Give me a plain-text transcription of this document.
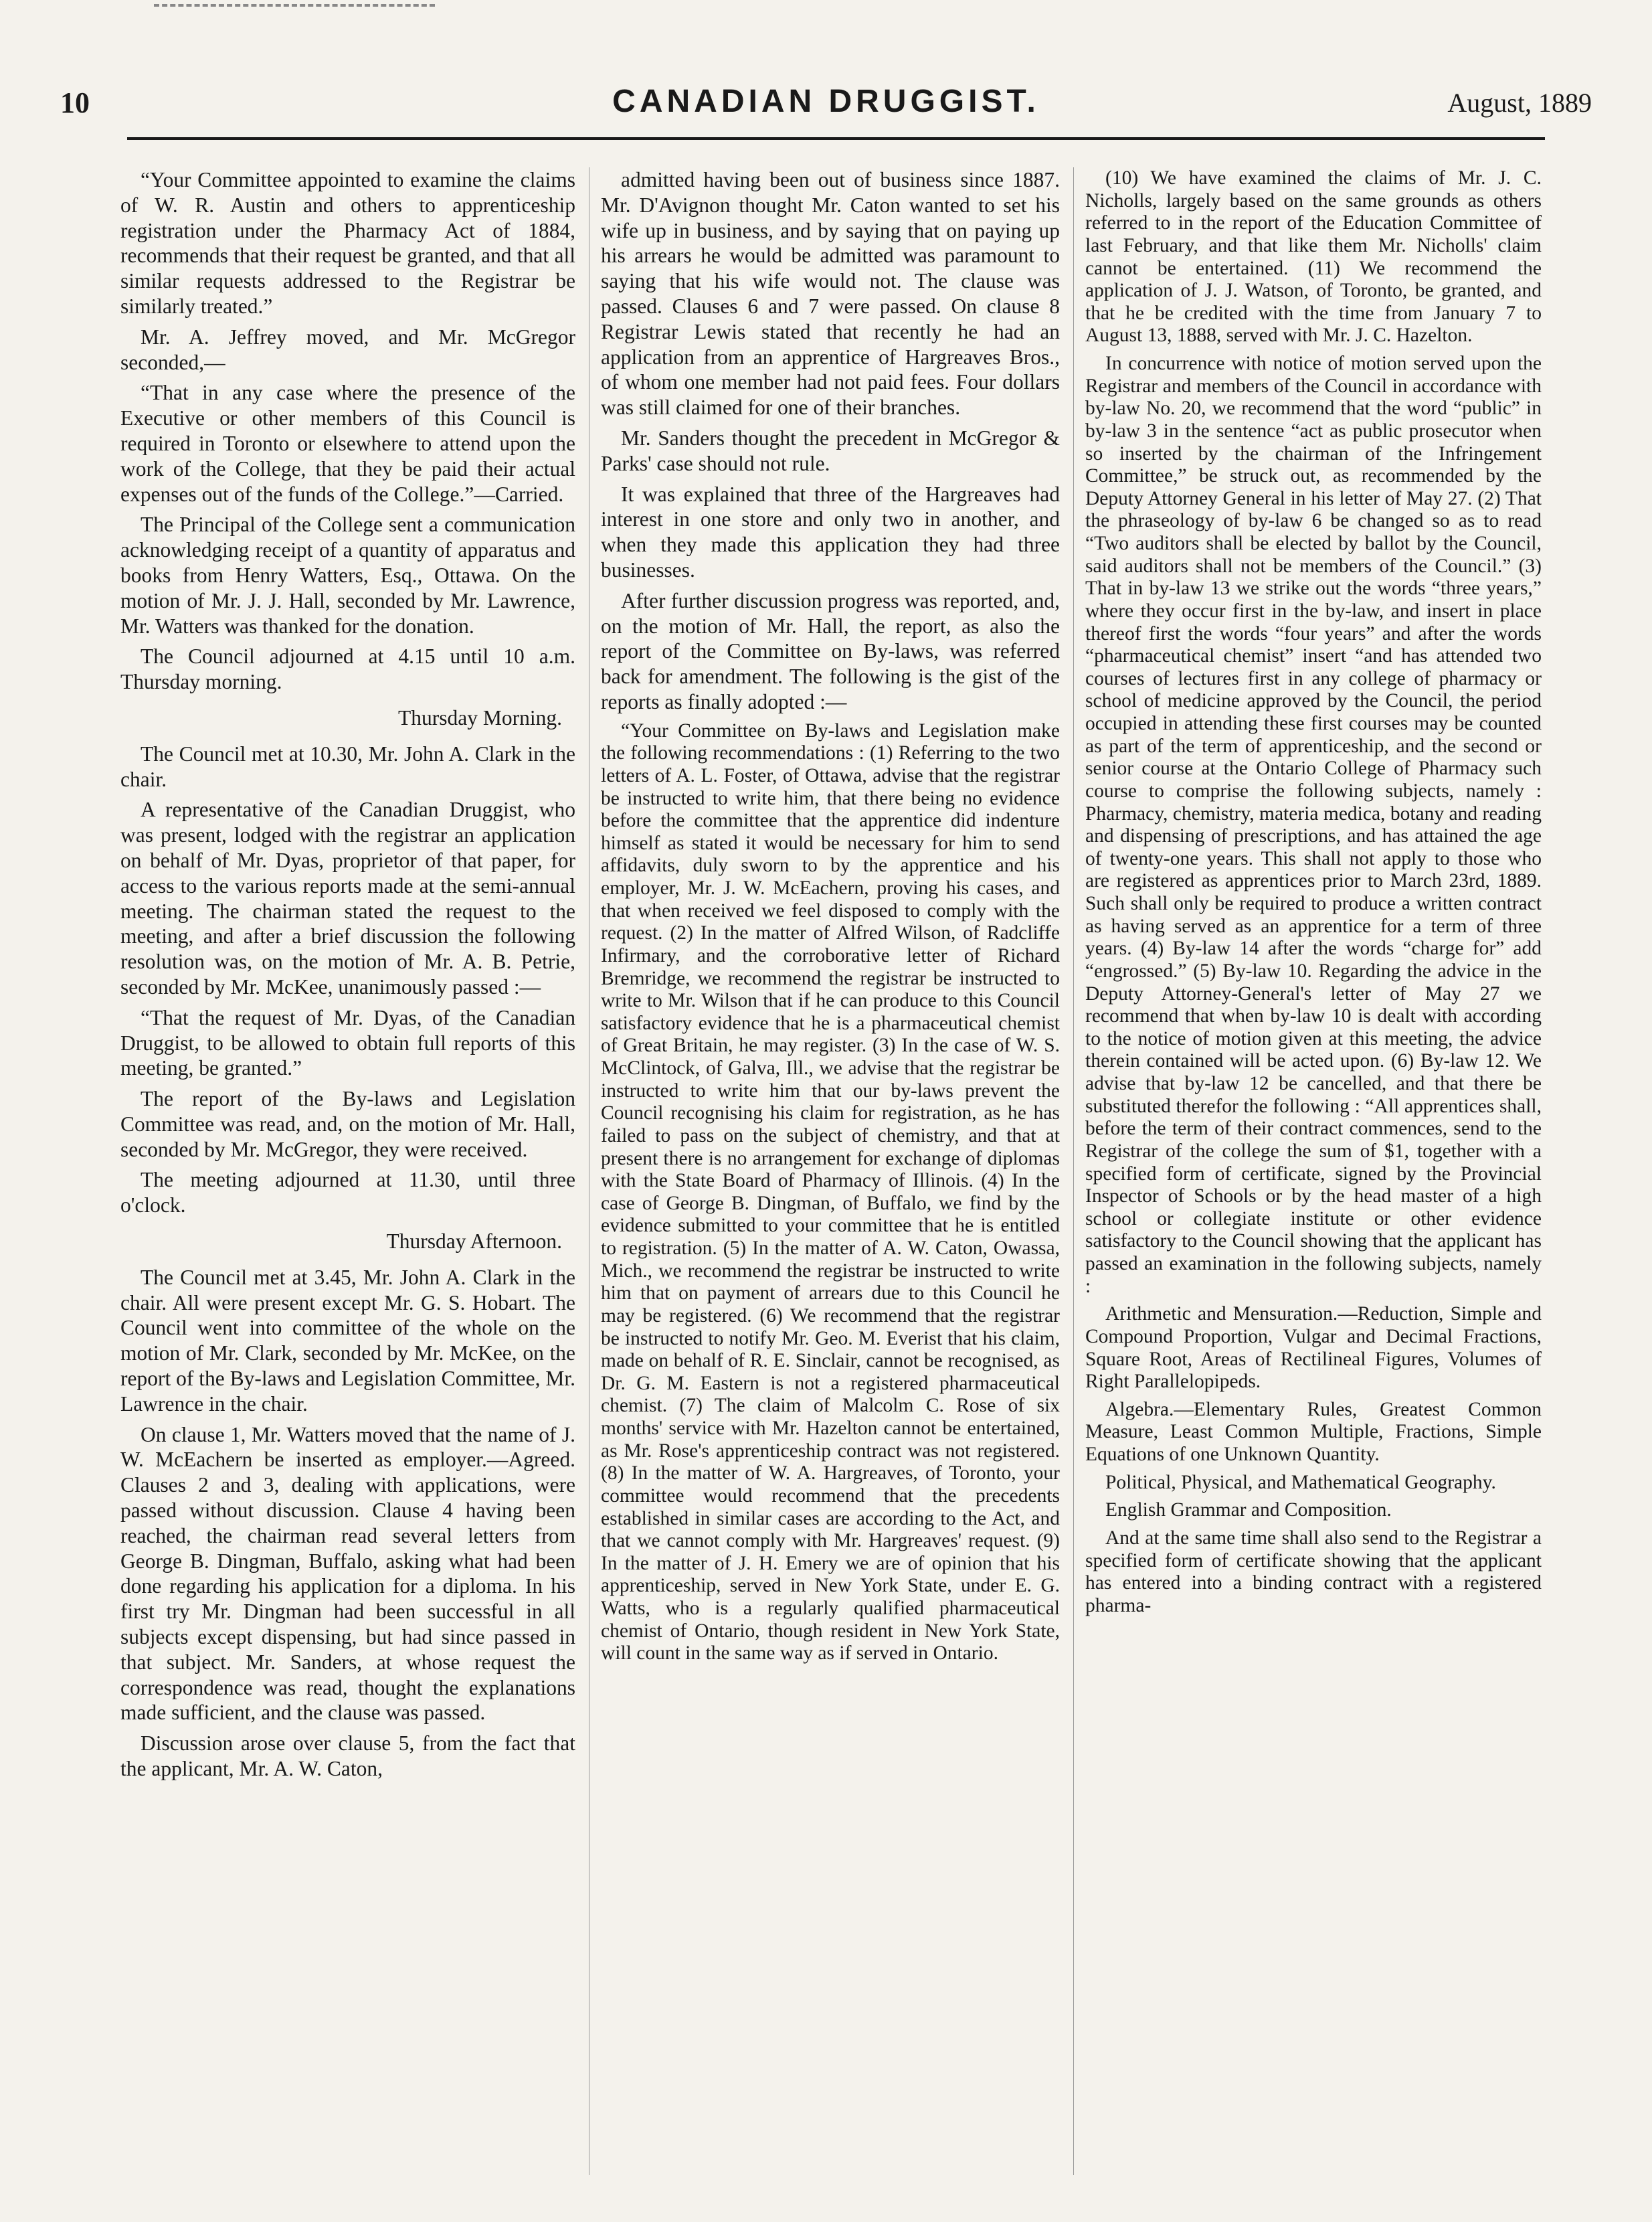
10	CANADIAN DRUGGIST.	August, 1889

“Your Committee appointed to examine the claims of W. R. Austin and others to apprenticeship registration under the Pharmacy Act of 1884, recommends that their request be granted, and that all similar requests addressed to the Registrar be similarly treated.”

Mr. A. Jeffrey moved, and Mr. McGregor seconded,—

“That in any case where the presence of the Executive or other members of this Council is required in Toronto or elsewhere to attend upon the work of the College, that they be paid their actual expenses out of the funds of the College.”—Carried.

The Principal of the College sent a communication acknowledging receipt of a quantity of apparatus and books from Henry Watters, Esq., Ottawa. On the motion of Mr. J. J. Hall, seconded by Mr. Lawrence, Mr. Watters was thanked for the donation.

The Council adjourned at 4.15 until 10 a.m. Thursday morning.

Thursday Morning.

The Council met at 10.30, Mr. John A. Clark in the chair.

A representative of the Canadian Druggist, who was present, lodged with the registrar an application on behalf of Mr. Dyas, proprietor of that paper, for access to the various reports made at the semi-annual meeting. The chairman stated the request to the meeting, and after a brief discussion the following resolution was, on the motion of Mr. A. B. Petrie, seconded by Mr. McKee, unanimously passed :—

“That the request of Mr. Dyas, of the Canadian Druggist, to be allowed to obtain full reports of this meeting, be granted.”

The report of the By-laws and Legislation Committee was read, and, on the motion of Mr. Hall, seconded by Mr. McGregor, they were received.

The meeting adjourned at 11.30, until three o'clock.

Thursday Afternoon.

The Council met at 3.45, Mr. John A. Clark in the chair. All were present except Mr. G. S. Hobart. The Council went into committee of the whole on the motion of Mr. Clark, seconded by Mr. McKee, on the report of the By-laws and Legislation Committee, Mr. Lawrence in the chair.

On clause 1, Mr. Watters moved that the name of J. W. McEachern be inserted as employer.—Agreed. Clauses 2 and 3, dealing with applications, were passed without discussion. Clause 4 having been reached, the chairman read several letters from George B. Dingman, Buffalo, asking what had been done regarding his application for a diploma. In his first try Mr. Dingman had been successful in all subjects except dispensing, but had since passed in that subject. Mr. Sanders, at whose request the correspondence was read, thought the explanations made sufficient, and the clause was passed.

Discussion arose over clause 5, from the fact that the applicant, Mr. A. W. Caton,

admitted having been out of business since 1887. Mr. D'Avignon thought Mr. Caton wanted to set his wife up in business, and by saying that on paying up his arrears he would be admitted was paramount to saying that his wife would not. The clause was passed. Clauses 6 and 7 were passed. On clause 8 Registrar Lewis stated that recently he had an application from an apprentice of Hargreaves Bros., of whom one member had not paid fees. Four dollars was still claimed for one of their branches.

Mr. Sanders thought the precedent in McGregor & Parks' case should not rule.

It was explained that three of the Hargreaves had interest in one store and only two in another, and when they made this application they had three businesses.

After further discussion progress was reported, and, on the motion of Mr. Hall, the report, as also the report of the Committee on By-laws, was referred back for amendment. The following is the gist of the reports as finally adopted :—

“Your Committee on By-laws and Legislation make the following recommendations : (1) Referring to the two letters of A. L. Foster, of Ottawa, advise that the registrar be instructed to write him, that there being no evidence before the committee that the apprentice did indenture himself as stated it would be necessary for him to send affidavits, duly sworn to by the apprentice and his employer, Mr. J. W. McEachern, proving his cases, and that when received we feel disposed to comply with the request. (2) In the matter of Alfred Wilson, of Radcliffe Infirmary, and the corroborative letter of Richard Bremridge, we recommend the registrar be instructed to write to Mr. Wilson that if he can produce to this Council satisfactory evidence that he is a pharmaceutical chemist of Great Britain, he may register. (3) In the case of W. S. McClintock, of Galva, Ill., we advise that the registrar be instructed to write him that our by-laws prevent the Council recognising his claim for registration, as he has failed to pass on the subject of chemistry, and that at present there is no arrangement for exchange of diplomas with the State Board of Pharmacy of Illinois. (4) In the case of George B. Dingman, of Buffalo, we find by the evidence submitted to your committee that he is entitled to registration. (5) In the matter of A. W. Caton, Owassa, Mich., we recommend the registrar be instructed to write him that on payment of arrears due to this Council he may be registered. (6) We recommend that the registrar be instructed to notify Mr. Geo. M. Everist that his claim, made on behalf of R. E. Sinclair, cannot be recognised, as Dr. G. M. Eastern is not a registered pharmaceutical chemist. (7) The claim of Malcolm C. Rose of six months' service with Mr. Hazelton cannot be entertained, as Mr. Rose's apprenticeship contract was not registered. (8) In the matter of W. A. Hargreaves, of Toronto, your committee would recommend that the precedents established in similar cases are according to the Act, and that we cannot comply with Mr. Hargreaves' request. (9) In the matter of J. H. Emery we are of opinion that his apprenticeship, served in New York State, under E. G. Watts, who is a regularly qualified pharmaceutical chemist of Ontario, though resident in New York State, will count in the same way as if served in Ontario.

(10) We have examined the claims of Mr. J. C. Nicholls, largely based on the same grounds as others referred to in the report of the Education Committee of last February, and that like them Mr. Nicholls' claim cannot be entertained. (11) We recommend the application of J. J. Watson, of Toronto, be granted, and that he be credited with the time from January 7 to August 13, 1888, served with Mr. J. C. Hazelton.

In concurrence with notice of motion served upon the Registrar and members of the Council in accordance with by-law No. 20, we recommend that the word “public” in by-law 3 in the sentence “act as public prosecutor when so inserted by the chairman of the Infringement Committee,” be struck out, as recommended by the Deputy Attorney General in his letter of May 27. (2) That the phraseology of by-law 6 be changed so as to read “Two auditors shall be elected by ballot by the Council, said auditors shall not be members of the Council.” (3) That in by-law 13 we strike out the words “three years,” where they occur first in the by-law, and insert in place thereof first the words “four years” and after the words “pharmaceutical chemist” insert “and has attended two courses of lectures first in any college of pharmacy or school of medicine approved by the Council, the period occupied in attending these first courses may be counted as part of the term of apprenticeship, and the second or senior course at the Ontario College of Pharmacy such course to comprise the following subjects, namely : Pharmacy, chemistry, materia medica, botany and reading and dispensing of prescriptions, and has attained the age of twenty-one years. This shall not apply to those who are registered as apprentices prior to March 23rd, 1889. Such shall only be required to produce a written contract as having served as an apprentice for a term of three years. (4) By-law 14 after the words “charge for” add “engrossed.” (5) By-law 10. Regarding the advice in the Deputy Attorney-General's letter of May 27 we recommend that when by-law 10 is dealt with according to the notice of motion given at this meeting, the advice therein contained will be acted upon. (6) By-law 12. We advise that by-law 12 be cancelled, and that there be substituted therefor the following : “All apprentices shall, before the term of their contract commences, send to the Registrar of the college the sum of $1, together with a specified form of certificate, signed by the Provincial Inspector of Schools or by the head master of a high school or collegiate institute or other evidence satisfactory to the Council showing that the applicant has passed an examination in the following subjects, namely :

Arithmetic and Mensuration.—Reduction, Simple and Compound Proportion, Vulgar and Decimal Fractions, Square Root, Areas of Rectilineal Figures, Volumes of Right Parallelopipeds.

Algebra.—Elementary Rules, Greatest Common Measure, Least Common Multiple, Fractions, Simple Equations of one Unknown Quantity.

Political, Physical, and Mathematical Geography.

English Grammar and Composition.

And at the same time shall also send to the Registrar a specified form of certificate showing that the applicant has entered into a binding contract with a registered pharma-
